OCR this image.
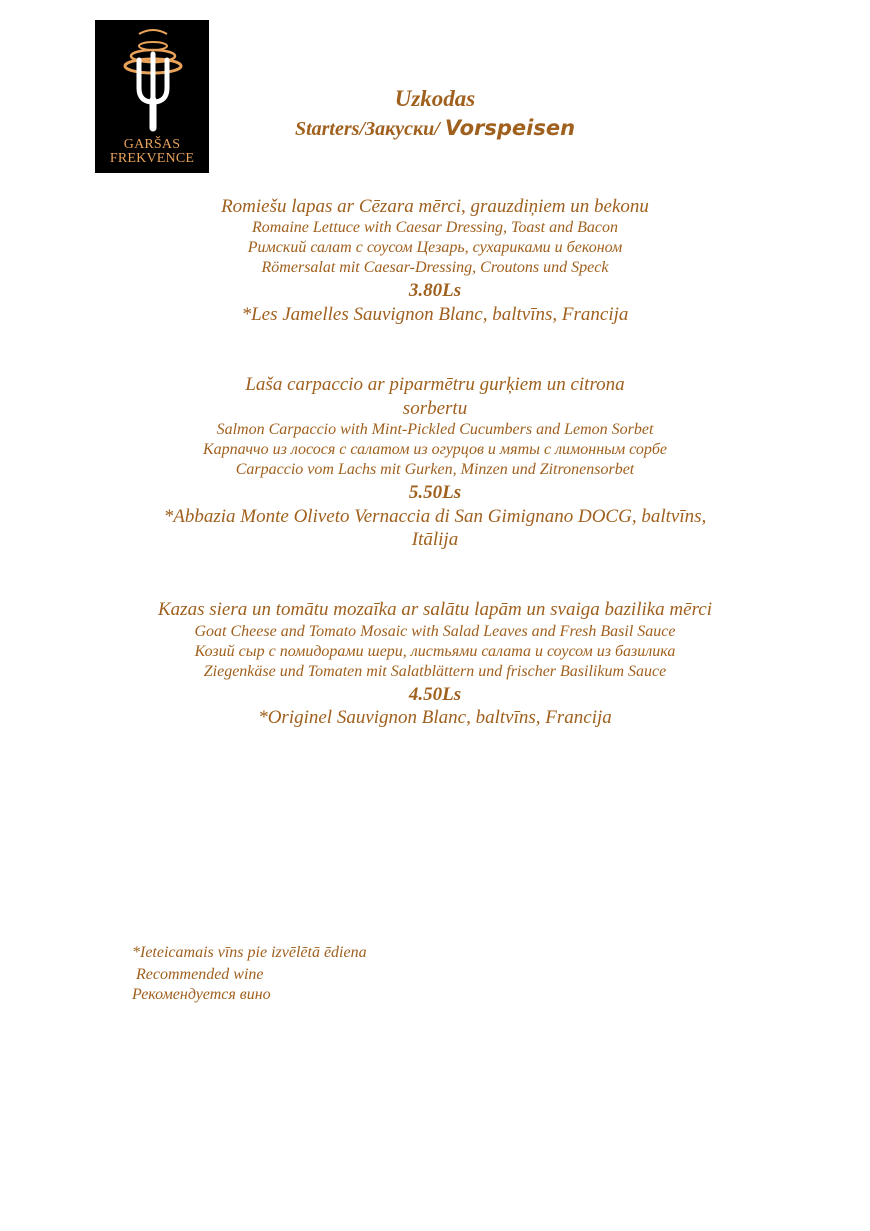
GARŠAS
FREKVENCE
Uzkodas
Starters/Закуски/ Vorspeisen
Romiešu lapas ar Cēzara mērci, grauzdiņiem un bekonu
Romaine Lettuce with Caesar Dressing, Toast and Bacon
Римский салат с соусом Цезарь, сухариками и беконом
Römersalat mit Caesar-Dressing, Croutons und Speck
3.80Ls
*Les Jamelles Sauvignon Blanc, baltvīns, Francija
Laša carpaccio ar piparmētru gurķiem un citrona
sorbertu
Salmon Carpaccio with Mint-Pickled Cucumbers and Lemon Sorbet
Карпаччо из лосося с салатом из огурцов и мяты с лимонным сорбе
Carpaccio vom Lachs mit Gurken, Minzen und Zitronensorbet
5.50Ls
*Abbazia Monte Oliveto Vernaccia di San Gimignano DOCG, baltvīns,
Itālija
Kazas siera un tomātu mozaīka ar salātu lapām un svaiga bazilika mērci
Goat Cheese and Tomato Mosaic with Salad Leaves and Fresh Basil Sauce
Козий сыр с помидорами шери, листьями салата и соусом из базилика
Ziegenkäse und Tomaten mit Salatblättern und frischer Basilikum Sauce
4.50Ls
*Originel Sauvignon Blanc, baltvīns, Francija
*Ieteicamais vīns pie izvēlētā ēdiena
Recommended wine
Рекомендуется вино
